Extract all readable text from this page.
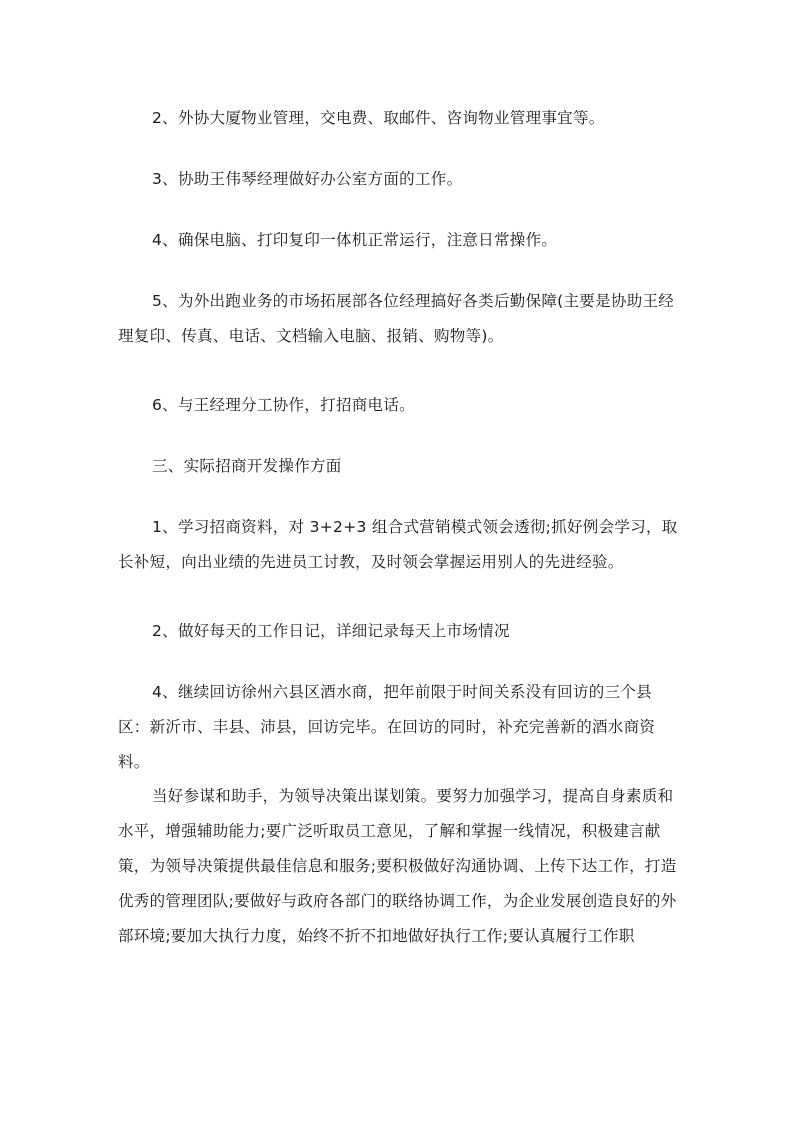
2、外协大厦物业管理，交电费、取邮件、咨询物业管理事宜等。

3、协助王伟琴经理做好办公室方面的工作。

4、确保电脑、打印复印一体机正常运行，注意日常操作。

5、为外出跑业务的市场拓展部各位经理搞好各类后勤保障(主要是协助王经理复印、传真、电话、文档输入电脑、报销、购物等)。

6、与王经理分工协作，打招商电话。

三、实际招商开发操作方面

1、学习招商资料，对 3+2+3 组合式营销模式领会透彻;抓好例会学习，取长补短，向出业绩的先进员工讨教，及时领会掌握运用别人的先进经验。

2、做好每天的工作日记，详细记录每天上市场情况

4、继续回访徐州六县区酒水商，把年前限于时间关系没有回访的三个县区：新沂市、丰县、沛县，回访完毕。在回访的同时，补充完善新的酒水商资料。

当好参谋和助手，为领导决策出谋划策。要努力加强学习，提高自身素质和水平，增强辅助能力;要广泛听取员工意见，了解和掌握一线情况，积极建言献策，为领导决策提供最佳信息和服务;要积极做好沟通协调、上传下达工作，打造优秀的管理团队;要做好与政府各部门的联络协调工作，为企业发展创造良好的外部环境;要加大执行力度，始终不折不扣地做好执行工作;要认真履行工作职
